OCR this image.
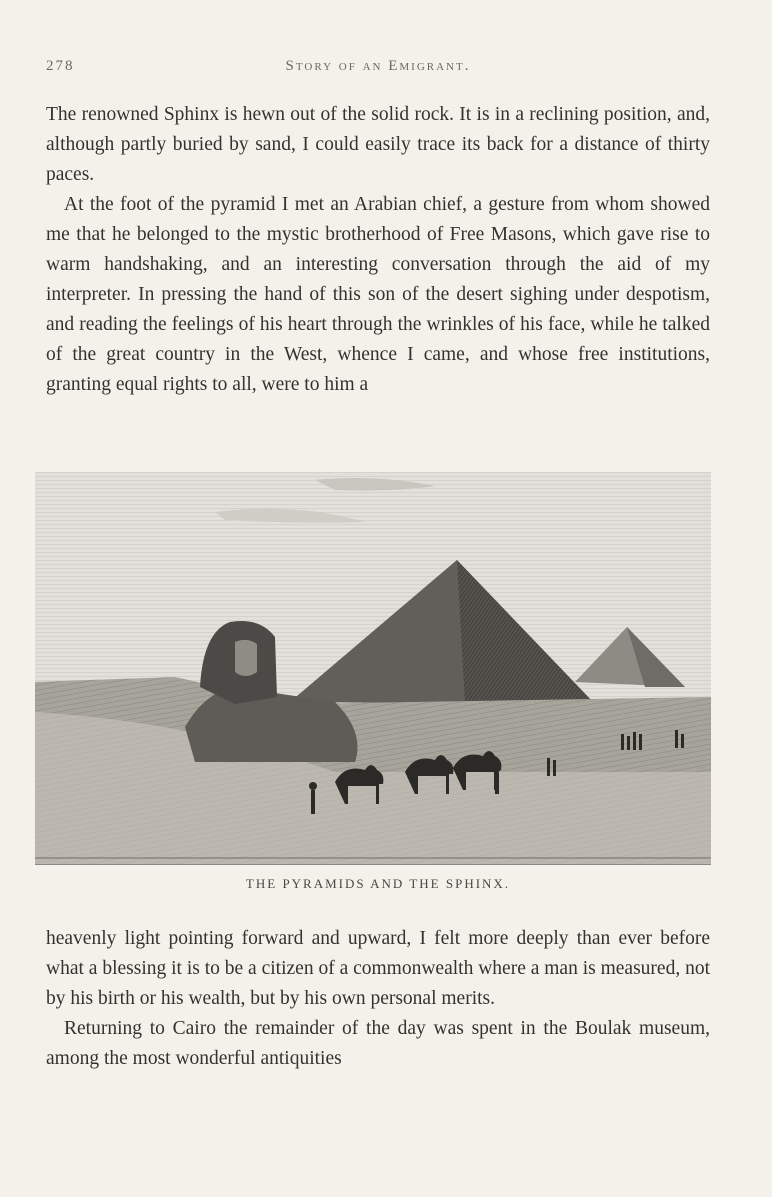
278	Story of an Emigrant.

The renowned Sphinx is hewn out of the solid rock. It is in a reclining position, and, although partly buried by sand, I could easily trace its back for a distance of thirty paces.

At the foot of the pyramid I met an Arabian chief, a gesture from whom showed me that he belonged to the mystic brotherhood of Free Masons, which gave rise to warm handshaking, and an interesting conversation through the aid of my interpreter. In pressing the hand of this son of the desert sighing under despotism, and reading the feelings of his heart through the wrinkles of his face, while he talked of the great country in the West, whence I came, and whose free institutions, granting equal rights to all, were to him a

THE PYRAMIDS AND THE SPHINX.

heavenly light pointing forward and upward, I felt more deeply than ever before what a blessing it is to be a citizen of a commonwealth where a man is measured, not by his birth or his wealth, but by his own personal merits.

Returning to Cairo the remainder of the day was spent in the Boulak museum, among the most wonderful antiquities
